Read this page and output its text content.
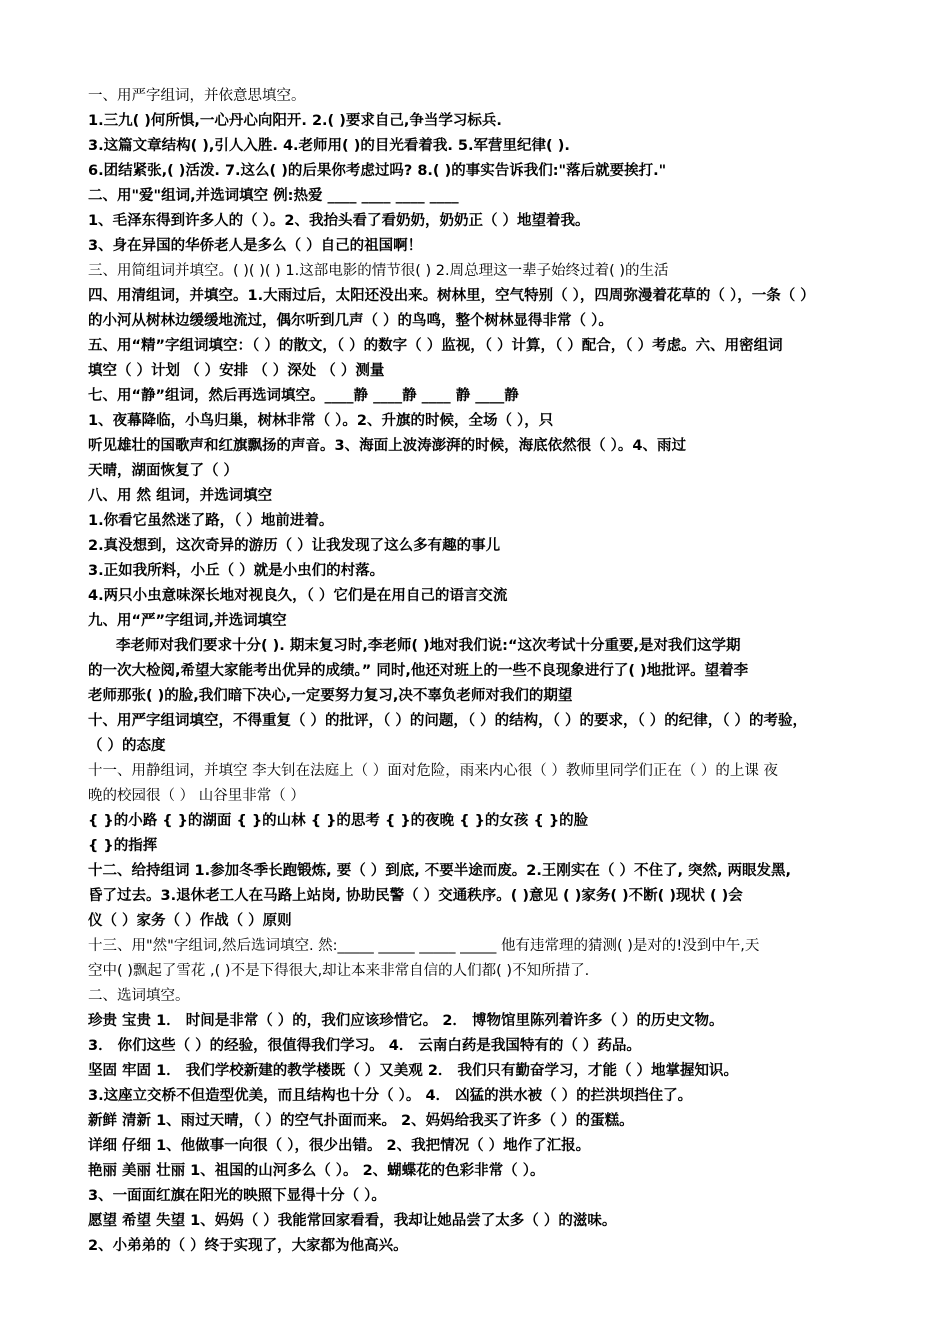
一、用严字组词，并依意思填空。
1.三九( )何所惧,一心丹心向阳开. 2.( )要求自己,争当学习标兵.
3.这篇文章结构( ),引人入胜. 4.老师用( )的目光看着我. 5.军营里纪律( ).
6.团结紧张,( )活泼. 7.这么( )的后果你考虑过吗? 8.( )的事实告诉我们:"落后就要挨打."
二、用"爱"组词,并选词填空 例:热爱 ____ ____ ____ ____
1、毛泽东得到许多人的（ ）。2、我抬头看了看奶奶，奶奶正（ ）地望着我。
3、身在异国的华侨老人是多么（ ）自己的祖国啊！
三、用简组词并填空。( )( )( ) 1.这部电影的情节很( ) 2.周总理这一辈子始终过着( )的生活
四、用清组词，并填空。1.大雨过后，太阳还没出来。树林里，空气特别（ ），四周弥漫着花草的（ ），一条（ ）
的小河从树林边缓缓地流过，偶尔听到几声（ ）的鸟鸣，整个树林显得非常（ ）。
五、用“精”字组词填空：（ ）的散文，（ ）的数字（ ）监视，（ ）计算，（ ）配合，（ ）考虑。六、用密组词
填空（ ）计划 （ ）安排 （ ）深处 （ ）测量
七、用“静”组词，然后再选词填空。____静 ____静 ____ 静 ____静
1、夜幕降临，小鸟归巢，树林非常（ ）。2、升旗的时候，全场（ ），只
听见雄壮的国歌声和红旗飘扬的声音。3、海面上波涛澎湃的时候，海底依然很（ ）。4、雨过
天晴，湖面恢复了（ ）
八、用 然 组词，并选词填空
1.你看它虽然迷了路，（ ）地前进着。
2.真没想到，这次奇异的游历（ ）让我发现了这么多有趣的事儿
3.正如我所料，小丘（ ）就是小虫们的村落。
4.两只小虫意味深长地对视良久，（ ）它们是在用自己的语言交流
九、用“严”字组词,并选词填空
李老师对我们要求十分( ). 期末复习时,李老师( )地对我们说:“这次考试十分重要,是对我们这学期
的一次大检阅,希望大家能考出优异的成绩。” 同时,他还对班上的一些不良现象进行了( )地批评。望着李
老师那张( )的脸,我们暗下决心,一定要努力复习,决不辜负老师对我们的期望
十、用严字组词填空，不得重复（ ）的批评，（ ）的问题，（ ）的结构，（ ）的要求，（ ）的纪律，（ ）的考验，
（ ）的态度
十一、用静组词，并填空 李大钊在法庭上（ ）面对危险，雨来内心很（ ）教师里同学们正在（ ）的上课 夜
晚的校园很（ ） 山谷里非常（ ）
{ }的小路 { }的湖面 { }的山林 { }的思考 { }的夜晚 { }的女孩 { }的脸
{ }的指挥
十二、给持组词 1.参加冬季长跑锻炼, 要（ ）到底, 不要半途而废。2.王刚实在（ ）不住了, 突然, 两眼发黑,
昏了过去。3.退休老工人在马路上站岗, 协助民警（ ）交通秩序。( )意见 ( )家务( )不断( )现状 ( )会
仪（ ）家务（ ）作战（ ）原则
十三、用"然"字组词,然后选词填空. 然:_____ _____ _____ _____ 他有违常理的猜测( )是对的!没到中午,天
空中( )飘起了雪花 ,( )不是下得很大,却让本来非常自信的人们都( )不知所措了.
二、选词填空。
珍贵 宝贵 1． 时间是非常（ ）的，我们应该珍惜它。 2． 博物馆里陈列着许多（ ）的历史文物。
3． 你们这些（ ）的经验，很值得我们学习。 4． 云南白药是我国特有的（ ）药品。
坚固 牢固 1． 我们学校新建的教学楼既（ ）又美观 2． 我们只有勤奋学习，才能（ ）地掌握知识。
3.这座立交桥不但造型优美，而且结构也十分（ ）。 4． 凶猛的洪水被（ ）的拦洪坝挡住了。
新鲜 清新 1、雨过天晴，（ ）的空气扑面而来。 2、妈妈给我买了许多（ ）的蛋糕。
详细 仔细 1、他做事一向很（ ），很少出错。 2、我把情况（ ）地作了汇报。
艳丽 美丽 壮丽 1、祖国的山河多么（ ）。 2、蝴蝶花的色彩非常（ ）。
3、一面面红旗在阳光的映照下显得十分（ ）。
愿望 希望 失望 1、妈妈（ ）我能常回家看看，我却让她品尝了太多（ ）的滋味。
2、小弟弟的（ ）终于实现了，大家都为他高兴。
